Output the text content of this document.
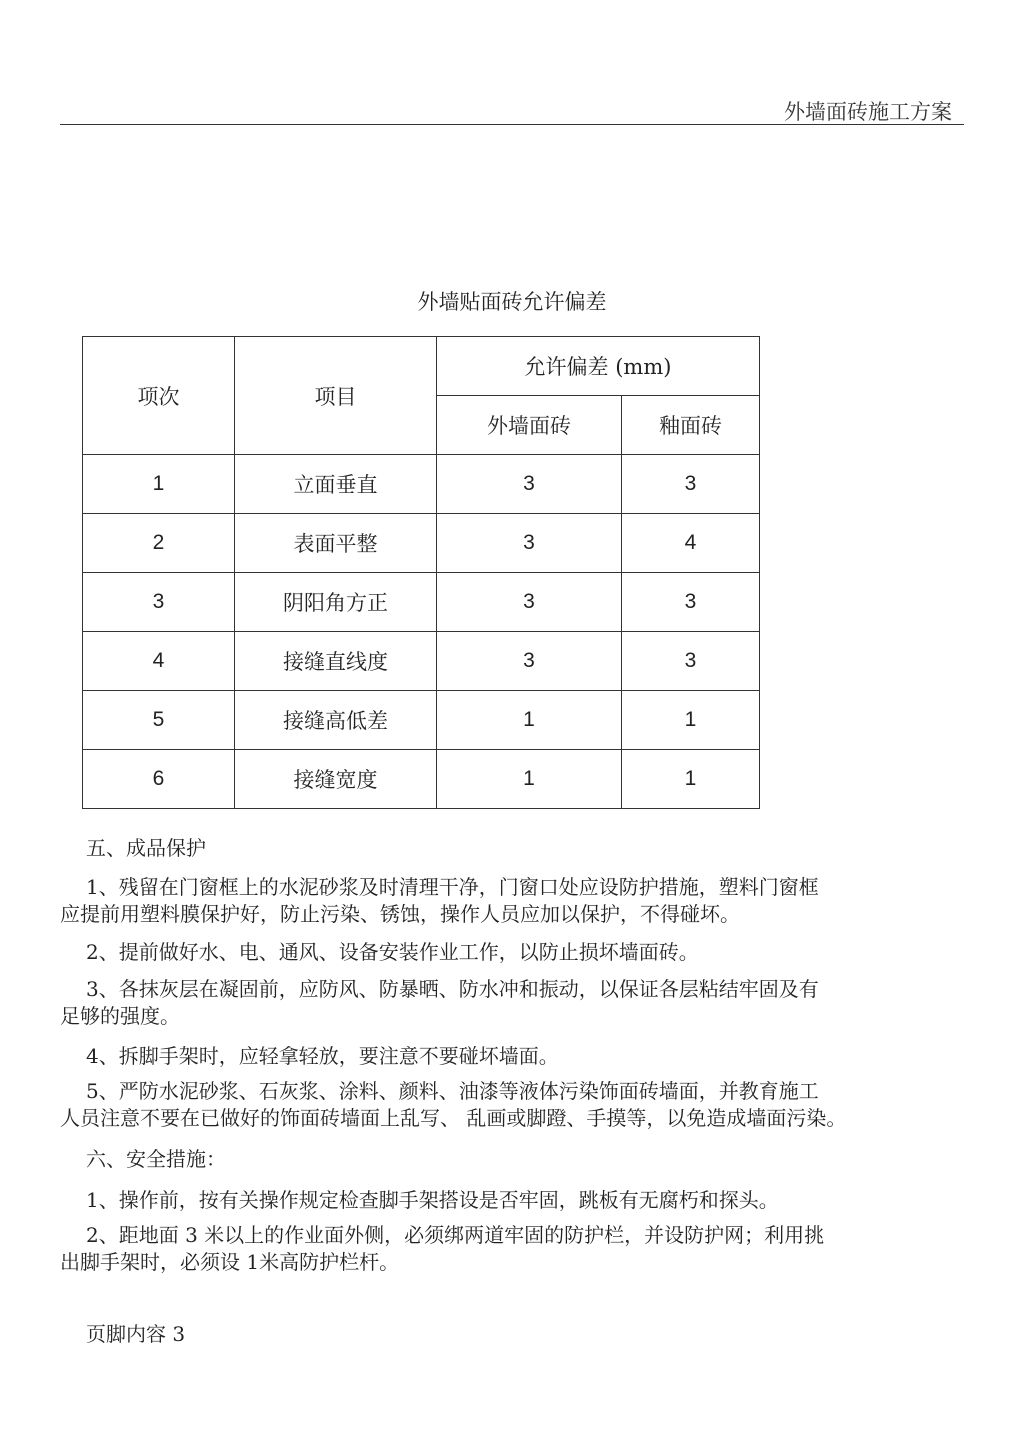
外墙面砖施工方案
外墙贴面砖允许偏差
项次	项目	允许偏差 (mm)	
		外墙面砖	釉面砖
1	立面垂直	3	3
2	表面平整	3	4
3	阴阳角方正	3	3
4	接缝直线度	3	3
5	接缝高低差	1	1
6	接缝宽度	1	1
五、成品保护
1、残留在门窗框上的水泥砂浆及时清理干净，门窗口处应设防护措施，塑料门窗框
应提前用塑料膜保护好，防止污染、锈蚀，操作人员应加以保护，不得碰坏。
2、提前做好水、电、通风、设备安装作业工作，以防止损坏墙面砖。
3、各抹灰层在凝固前，应防风、防暴晒、防水冲和振动，以保证各层粘结牢固及有
足够的强度。
4、拆脚手架时，应轻拿轻放，要注意不要碰坏墙面。
5、严防水泥砂浆、石灰浆、涂料、颜料、油漆等液体污染饰面砖墙面，并教育施工
人员注意不要在已做好的饰面砖墙面上乱写、 乱画或脚蹬、手摸等，以免造成墙面污染。
六、安全措施：
1、操作前，按有关操作规定检查脚手架搭设是否牢固，跳板有无腐朽和探头。
2、距地面 3 米以上的作业面外侧，必须绑两道牢固的防护栏，并设防护网；利用挑
出脚手架时，必须设 1米高防护栏杆。
页脚内容 3
